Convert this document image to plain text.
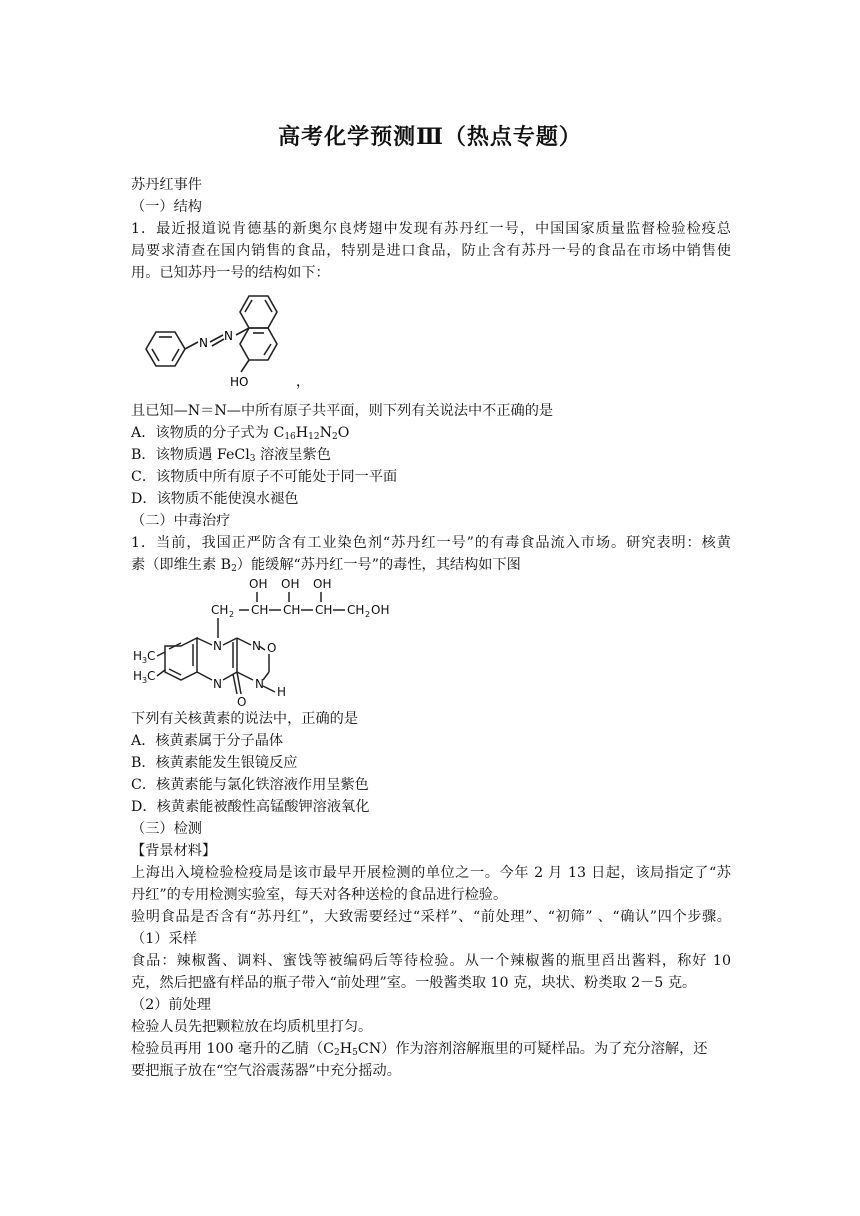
高考化学预测Ⅲ（热点专题）
苏丹红事件
（一）结构
1．最近报道说肯德基的新奥尔良烤翅中发现有苏丹红一号，中国国家质量监督检验检疫总
局要求清查在国内销售的食品，特别是进口食品，防止含有苏丹一号的食品在市场中销售使
用。已知苏丹一号的结构如下：
N N
HO	，
且已知—N＝N—中所有原子共平面，则下列有关说法中不正确的是
A．该物质的分子式为 $C_{16}H_{12}N_2O$
B．该物质遇 FeCl$_3$ 溶液呈紫色
C．该物质中所有原子不可能处于同一平面
D．该物质不能使溴水褪色
（二）中毒治疗
1．当前，我国正严防含有工业染色剂“苏丹红一号”的有毒食品流入市场。研究表明：核黄
素（即维生素 $B_2$）能缓解“苏丹红一号”的毒性，其结构如下图
OH OH OH
CH 2 CH CH CH CH 2 OH
H 3 C
H 3 C
N
N
N
N
O
O
H
下列有关核黄素的说法中，正确的是
A．核黄素属于分子晶体
B．核黄素能发生银镜反应
C．核黄素能与氯化铁溶液作用呈紫色
D．核黄素能被酸性高锰酸钾溶液氧化
（三）检测
【背景材料】
上海出入境检验检疫局是该市最早开展检测的单位之一。今年 2 月 13 日起，该局指定了“苏
丹红”的专用检测实验室，每天对各种送检的食品进行检验。
验明食品是否含有“苏丹红”，大致需要经过“采样”、“前处理”、“初筛” 、“确认”四个步骤。
（1）采样
食品：辣椒酱、调料、蜜饯等被编码后等待检验。从一个辣椒酱的瓶里舀出酱料，称好 10
克，然后把盛有样品的瓶子带入“前处理”室。一般酱类取 10 克，块状、粉类取 2－5 克。
（2）前处理
检验人员先把颗粒放在均质机里打匀。
检验员再用 100 毫升的乙腈$(C_2H_5CN)$作为溶剂溶解瓶里的可疑样品。为了充分溶解，还
要把瓶子放在“空气浴震荡器”中充分摇动。
